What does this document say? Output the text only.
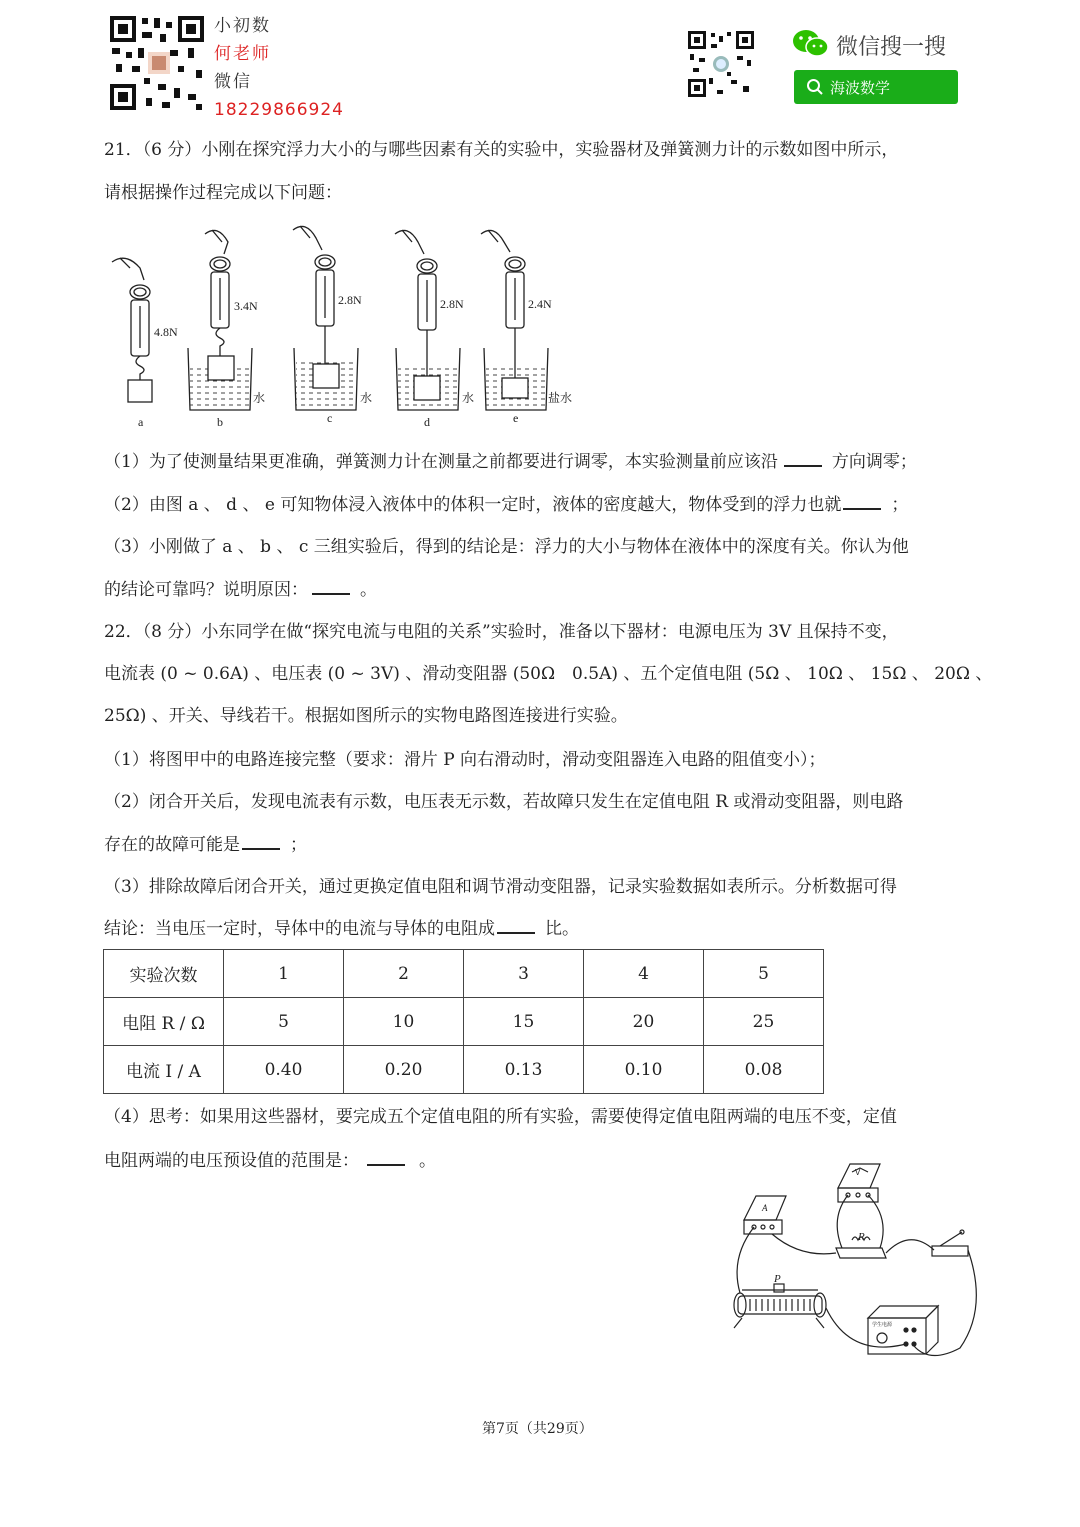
小初数
何老师
微信
18229866924
微信搜一搜
海波数学
21．（6 分）小刚在探究浮力大小的与哪些因素有关的实验中，实验器材及弹簧测力计的示数如图中所示，
请根据操作过程完成以下问题：
4.8N
3.4N	2.8N	2.8N	2.4N
水	水	水	盐水
a	b	c	d	e
（1）为了使测量结果更准确，弹簧测力计在测量之前都要进行调零，本实验测量前应该沿	方向调零；
（2）由图 a 、 d 、 e 可知物体浸入液体中的体积一定时，液体的密度越大，物体受到的浮力也就	；
（3）小刚做了 a 、 b 、 c 三组实验后，得到的结论是：浮力的大小与物体在液体中的深度有关。你认为他
的结论可靠吗？说明原因：	。
22．（8 分）小东同学在做“探究电流与电阻的关系”实验时，准备以下器材：电源电压为 3V 且保持不变，
电流表 (0 ~ 0.6A) 、电压表 (0 ~ 3V) 、滑动变阻器 (50Ω　0.5A) 、五个定值电阻 (5Ω 、 10Ω 、 15Ω 、 20Ω 、
25Ω) 、开关、导线若干。根据如图所示的实物电路图连接进行实验。
（1）将图甲中的电路连接完整（要求：滑片 P 向右滑动时，滑动变阻器连入电路的阻值变小）；
（2）闭合开关后，发现电流表有示数，电压表无示数，若故障只发生在定值电阻 R 或滑动变阻器，则电路
存在的故障可能是	；
（3）排除故障后闭合开关，通过更换定值电阻和调节滑动变阻器，记录实验数据如表所示。分析数据可得
结论：当电压一定时，导体中的电流与导体的电阻成	比。
实验次数	1	2	3	4	5
电阻 R / Ω	5	10	15	20	25
电流 I / A	0.40	0.20	0.13	0.10	0.08
（4）思考：如果用这些器材，要完成五个定值电阻的所有实验，需要使得定值电阻两端的电压不变，定值
电阻两端的电压预设值的范围是：	。
V
A
R
P
学生电源
第7页（共29页）
